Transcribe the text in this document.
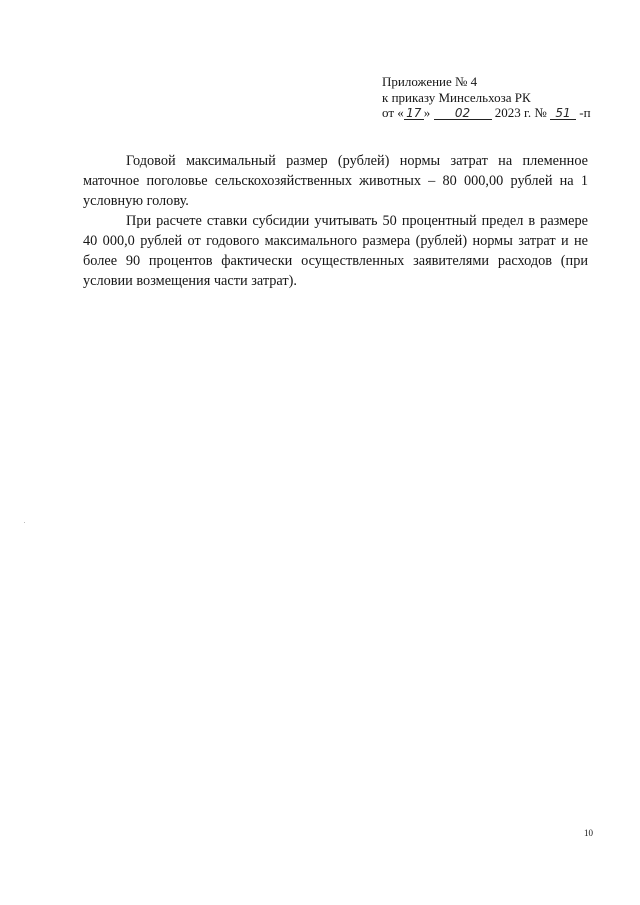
Приложение № 4
к приказу Минсельхоза РК
от « 17 » 02 2023 г. № 51 -п

Годовой максимальный размер (рублей) нормы затрат на племенное маточное поголовье сельскохозяйственных животных – 80 000,00 рублей на 1 условную голову.

При расчете ставки субсидии учитывать 50 процентный предел в размере 40 000,0 рублей от годового максимального размера (рублей) нормы затрат и не более 90 процентов фактически осуществленных заявителями расходов (при условии возмещения части затрат).

10
